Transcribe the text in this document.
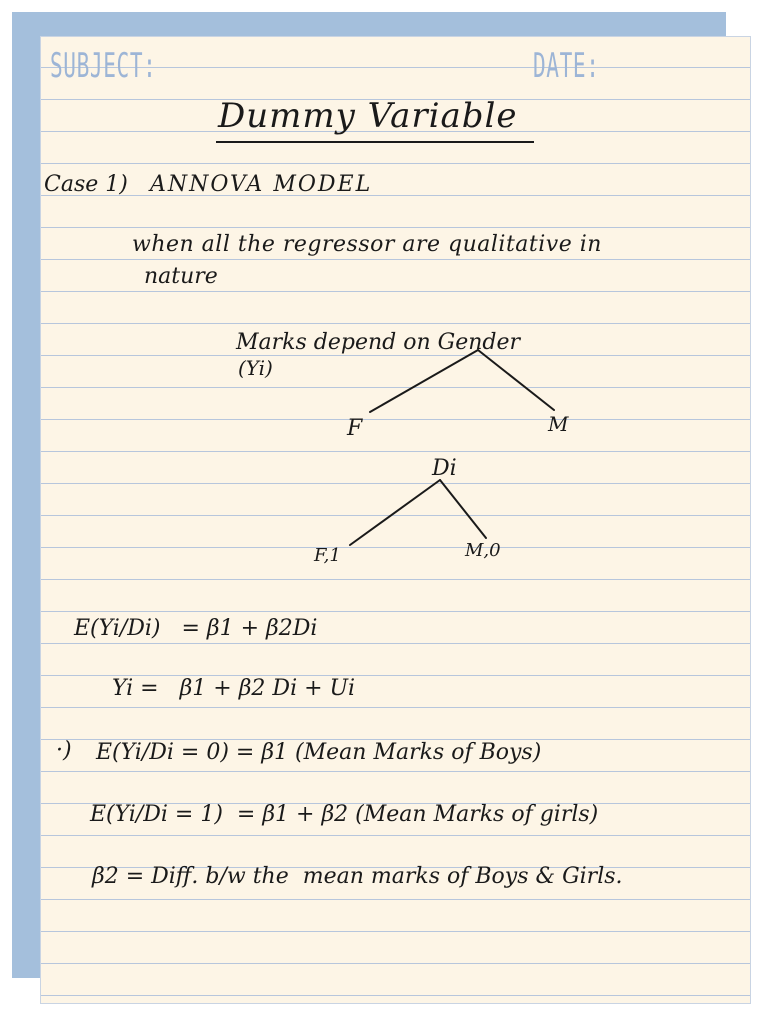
SUBJECT:	DATE:
Dummy Variable
Case 1) ANNOVA MODEL
when all the regressor are qualitative in
nature
Marks depend on Gender
(Yi)
F	M
Di
F,1	M,0
E(Yi/Di)   = β1 + β2Di
Yi =   β1 + β2 Di + Ui
·) E(Yi/Di = 0) = β1 (Mean Marks of Boys)
E(Yi/Di = 1)  = β1 + β2 (Mean Marks of girls)
β2 = Diff. b/w the  mean marks of Boys & Girls.
